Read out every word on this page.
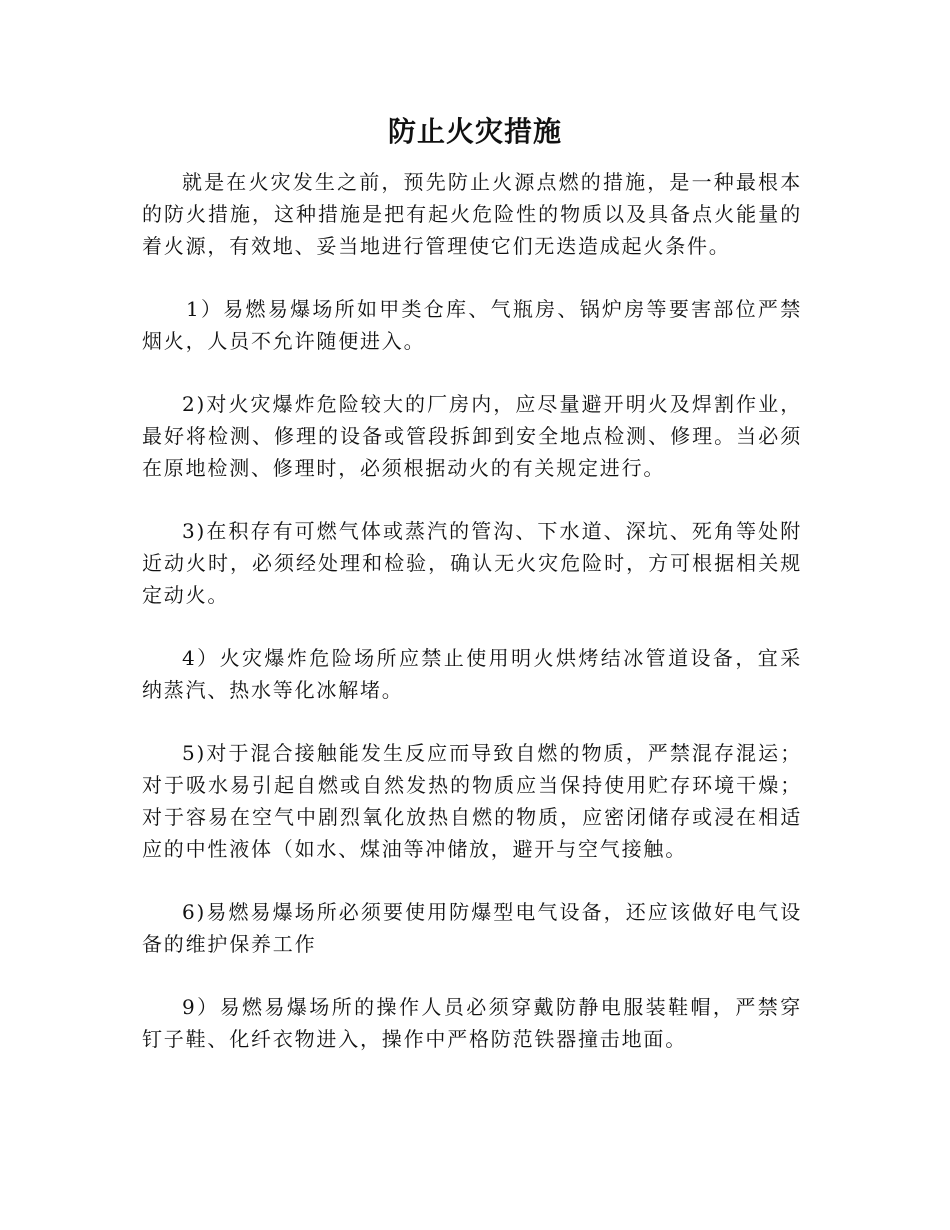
防止火灾措施

就是在火灾发生之前，预先防止火源点燃的措施，是一种最根本的防火措施，这种措施是把有起火危险性的物质以及具备点火能量的着火源，有效地、妥当地进行管理使它们无迭造成起火条件。

1）易燃易爆场所如甲类仓库、气瓶房、锅炉房等要害部位严禁烟火，人员不允许随便进入。

2)对火灾爆炸危险较大的厂房内，应尽量避开明火及焊割作业，最好将检测、修理的设备或管段拆卸到安全地点检测、修理。当必须在原地检测、修理时，必须根据动火的有关规定进行。

3)在积存有可燃气体或蒸汽的管沟、下水道、深坑、死角等处附近动火时，必须经处理和检验，确认无火灾危险时，方可根据相关规定动火。

4）火灾爆炸危险场所应禁止使用明火烘烤结冰管道设备，宜采纳蒸汽、热水等化冰解堵。

5)对于混合接触能发生反应而导致自燃的物质，严禁混存混运；对于吸水易引起自燃或自然发热的物质应当保持使用贮存环境干燥；对于容易在空气中剧烈氧化放热自燃的物质，应密闭储存或浸在相适应的中性液体（如水、煤油等冲储放，避开与空气接触。

6)易燃易爆场所必须要使用防爆型电气设备，还应该做好电气设备的维护保养工作

9）易燃易爆场所的操作人员必须穿戴防静电服装鞋帽，严禁穿钉子鞋、化纤衣物进入，操作中严格防范铁器撞击地面。
